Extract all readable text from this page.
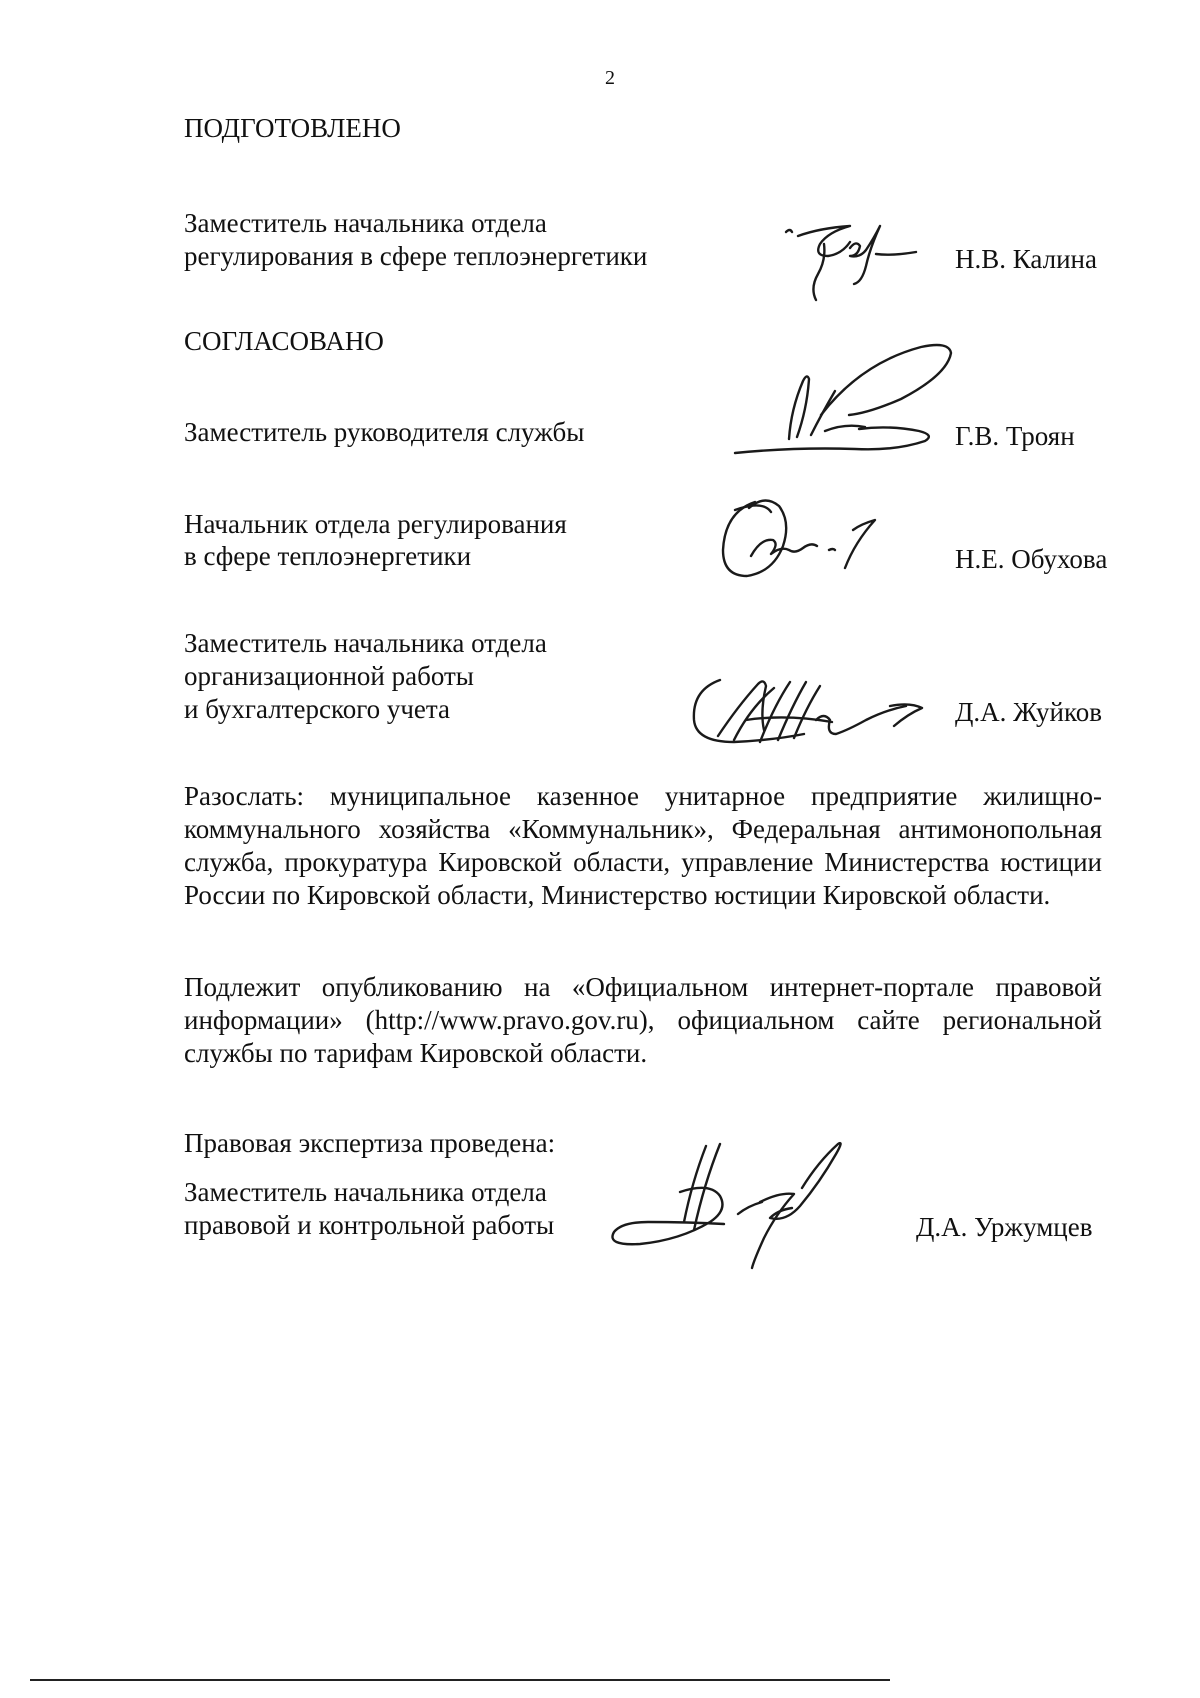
2
ПОДГОТОВЛЕНО
Заместитель начальника отдела
регулирования в сфере теплоэнергетики	Н.В. Калина
СОГЛАСОВАНО
Заместитель руководителя службы	Г.В. Троян
Начальник отдела регулирования
в сфере теплоэнергетики	Н.Е. Обухова
Заместитель начальника отдела
организационной работы
и бухгалтерского учета	Д.А. Жуйков
Разослать: муниципальное казенное унитарное предприятие жилищно-
коммунального хозяйства «Коммунальник», Федеральная антимонопольная
служба, прокуратура Кировской области, управление Министерства юстиции
России по Кировской области, Министерство юстиции Кировской области.
Подлежит опубликованию на «Официальном интернет-портале правовой
информации» (http://www.pravo.gov.ru), официальном сайте региональной
службы по тарифам Кировской области.
Правовая экспертиза проведена:
Заместитель начальника отдела
правовой и контрольной работы	Д.А. Уржумцев
